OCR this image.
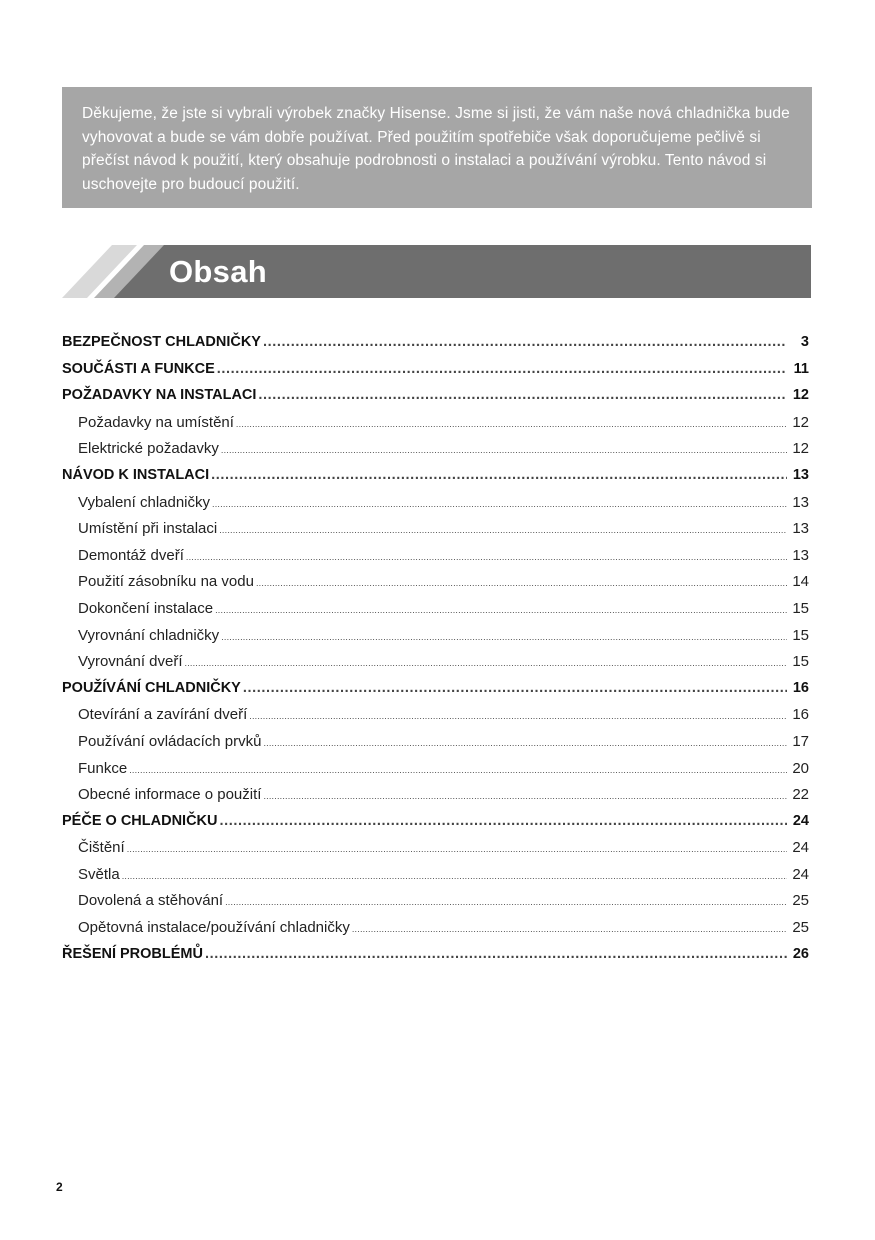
Děkujeme, že jste si vybrali výrobek značky Hisense. Jsme si jisti, že vám naše nová chladnička bude vyhovovat a bude se vám dobře používat. Před použitím spotřebiče však doporučujeme pečlivě si přečíst návod k použití, který obsahuje podrobnosti o instalaci a používání výrobku. Tento návod si uschovejte pro budoucí použití.
Obsah
BEZPEČNOST CHLADNIČKY .....	3
SOUČÁSTI A FUNKCE .....	11
POŽADAVKY NA INSTALACI .....	12
Požadavky na umístění .....	12
Elektrické požadavky .....	12
NÁVOD K INSTALACI .....	13
Vybalení chladničky .....	13
Umístění při instalaci .....	13
Demontáž dveří .....	13
Použití zásobníku na vodu .....	14
Dokončení instalace .....	15
Vyrovnání chladničky .....	15
Vyrovnání dveří .....	15
POUŽÍVÁNÍ CHLADNIČKY .....	16
Otevírání a zavírání dveří .....	16
Používání ovládacích prvků .....	17
Funkce .....	20
Obecné informace o použití .....	22
PÉČE O CHLADNIČKU .....	24
Čištění .....	24
Světla .....	24
Dovolená a stěhování .....	25
Opětovná instalace/používání chladničky .....	25
ŘEŠENÍ PROBLÉMŮ .....	26
2
